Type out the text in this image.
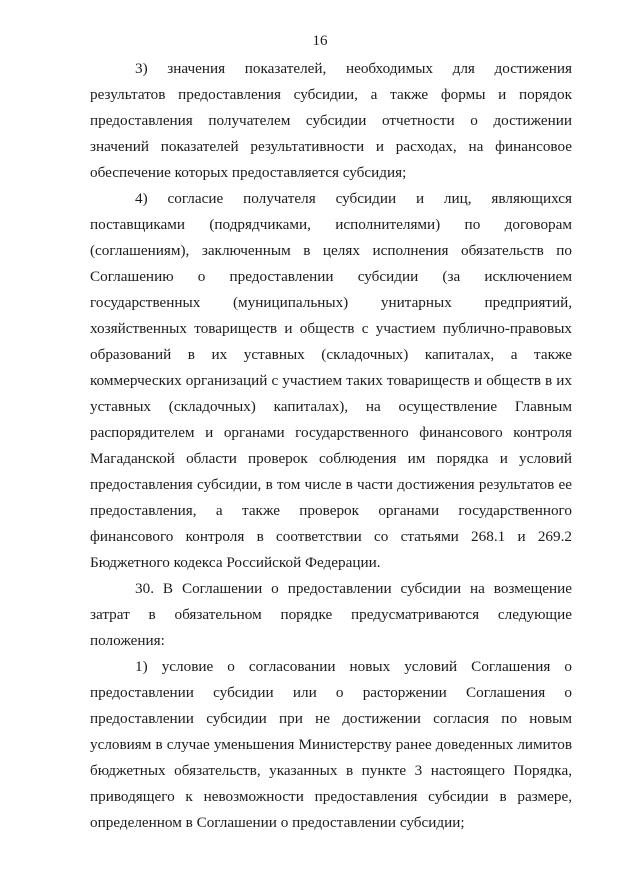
16

3) значения показателей, необходимых для достижения результатов предоставления субсидии, а также формы и порядок предоставления получателем субсидии отчетности о достижении значений показателей результативности и расходах, на финансовое обеспечение которых предоставляется субсидия;

4) согласие получателя субсидии и лиц, являющихся поставщиками (подрядчиками, исполнителями) по договорам (соглашениям), заключенным в целях исполнения обязательств по Соглашению о предоставлении субсидии (за исключением государственных (муниципальных) унитарных предприятий, хозяйственных товариществ и обществ с участием публично-правовых образований в их уставных (складочных) капиталах, а также коммерческих организаций с участием таких товариществ и обществ в их уставных (складочных) капиталах), на осуществление Главным распорядителем и органами государственного финансового контроля Магаданской области проверок соблюдения им порядка и условий предоставления субсидии, в том числе в части достижения результатов ее предоставления, а также проверок органами государственного финансового контроля в соответствии со статьями 268.1 и 269.2 Бюджетного кодекса Российской Федерации.

30. В Соглашении о предоставлении субсидии на возмещение затрат в обязательном порядке предусматриваются следующие положения:

1) условие о согласовании новых условий Соглашения о предоставлении субсидии или о расторжении Соглашения о предоставлении субсидии при не достижении согласия по новым условиям в случае уменьшения Министерству ранее доведенных лимитов бюджетных обязательств, указанных в пункте 3 настоящего Порядка, приводящего к невозможности предоставления субсидии в размере, определенном в Соглашении о предоставлении субсидии;
